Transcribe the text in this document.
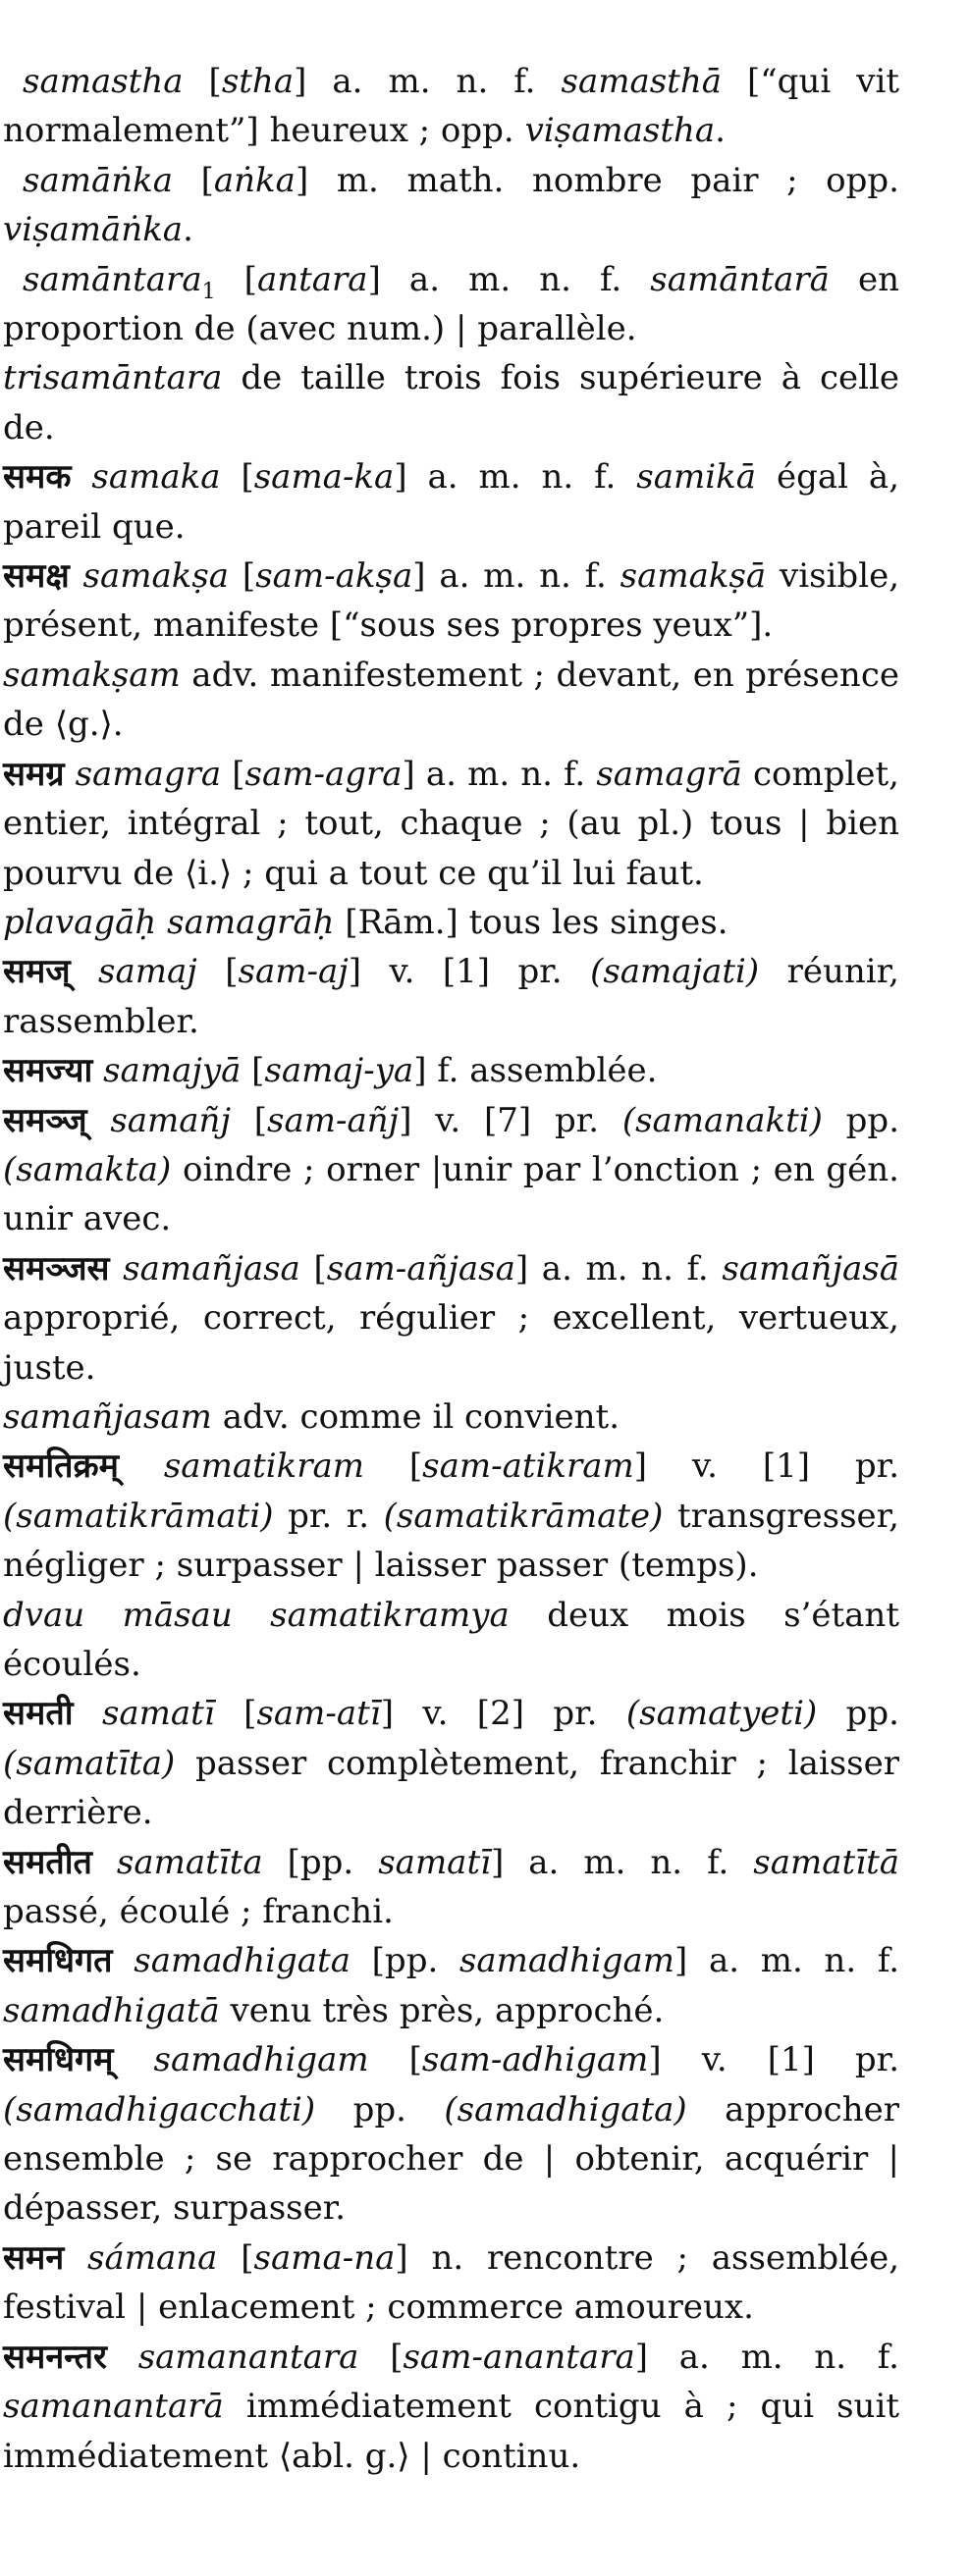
samastha [stha] a. m. n. f. samasthā [“qui vit normalement”] heureux ; opp. viṣamastha.

samāṅka [aṅka] m. math. nombre pair ; opp. viṣamāṅka.

samāntara$_1$ [antara] a. m. n. f. samāntarā en proportion de (avec num.) | parallèle.

trisamāntara de taille trois fois supérieure à celle de.

समक samaka [sama-ka] a. m. n. f. samikā égal à, pareil que.

समक्ष samakṣa [sam-akṣa] a. m. n. f. samakṣā visible, présent, manifeste [“sous ses propres yeux”].

samakṣam adv. manifestement ; devant, en présence de ⟨g.⟩.

समग्र samagra [sam-agra] a. m. n. f. samagrā complet, entier, intégral ; tout, chaque ; (au pl.) tous | bien pourvu de ⟨i.⟩ ; qui a tout ce qu’il lui faut.

plavagāḥ samagrāḥ [Rām.] tous les singes.

समज् samaj [sam-aj] v. [1] pr. (samajati) réunir, rassembler.

समज्या samajyā [samaj-ya] f. assemblée.

समञ्ज् samañj [sam-añj] v. [7] pr. (samanakti) pp. (samakta) oindre ; orner |unir par l’onction ; en gén. unir avec.

समञ्जस samañjasa [sam-añjasa] a. m. n. f. samañjasā approprié, correct, régulier ; excellent, vertueux, juste.

samañjasam adv. comme il convient.

समतिक्रम् samatikram [sam-atikram] v. [1] pr. (samatikrāmati) pr. r. (samatikrāmate) transgresser, négliger ; surpasser | laisser passer (temps).

dvau māsau samatikramya deux mois s’étant écoulés.

समती samatī [sam-atī] v. [2] pr. (samatyeti) pp. (samatīta) passer complètement, franchir ; laisser derrière.

समतीत samatīta [pp. samatī] a. m. n. f. samatītā passé, écoulé ; franchi.

समधिगत samadhigata [pp. samadhigam] a. m. n. f. samadhigatā venu très près, approché.

समधिगम् samadhigam [sam-adhigam] v. [1] pr. (samadhigacchati) pp. (samadhigata) approcher ensemble ; se rapprocher de | obtenir, acquérir | dépasser, surpasser.

समन sámana [sama-na] n. rencontre ; assemblée, festival | enlacement ; commerce amoureux.

समनन्तर samanantara [sam-anantara] a. m. n. f. samanantarā immédiatement contigu à ; qui suit immédiatement ⟨abl. g.⟩ | continu.
